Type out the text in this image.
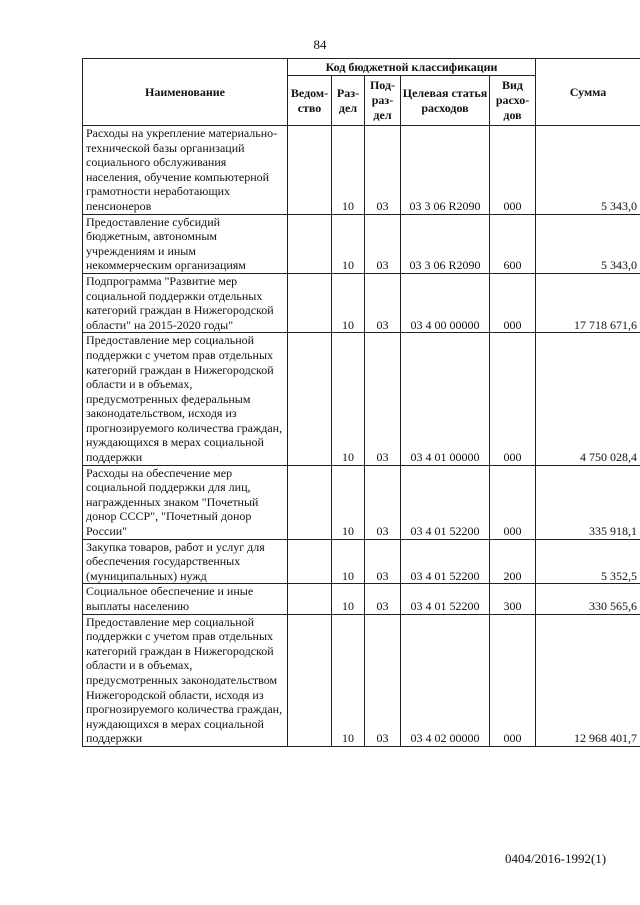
84
Наименование	Код бюджетной классификации					Сумма
	Ведом-ство	Раз-дел	Под-раз-дел	Целевая статья расходов	Вид расхо-дов	
Расходы на укрепление материально-технической базы организаций социального обслуживания населения, обучение компьютерной грамотности неработающих пенсионеров		10	03	03 3 06 R2090	000	5 343,0
Предоставление субсидий бюджетным, автономным учреждениям и иным некоммерческим организациям		10	03	03 3 06 R2090	600	5 343,0
Подпрограмма "Развитие мер социальной поддержки отдельных категорий граждан в Нижегородской области" на 2015-2020 годы"		10	03	03 4 00 00000	000	17 718 671,6
Предоставление мер социальной поддержки с учетом прав отдельных категорий граждан в Нижегородской области и в объемах, предусмотренных федеральным законодательством, исходя из прогнозируемого количества граждан, нуждающихся в мерах социальной поддержки		10	03	03 4 01 00000	000	4 750 028,4
Расходы на обеспечение мер социальной поддержки для лиц, награжденных знаком "Почетный донор СССР", "Почетный донор России"		10	03	03 4 01 52200	000	335 918,1
Закупка товаров, работ и услуг для обеспечения государственных (муниципальных) нужд		10	03	03 4 01 52200	200	5 352,5
Социальное обеспечение и иные выплаты населению		10	03	03 4 01 52200	300	330 565,6
Предоставление мер социальной поддержки с учетом прав отдельных категорий граждан в Нижегородской области и в объемах, предусмотренных законодательством Нижегородской области, исходя из прогнозируемого количества граждан, нуждающихся в мерах социальной поддержки		10	03	03 4 02 00000	000	12 968 401,7
0404/2016-1992(1)
